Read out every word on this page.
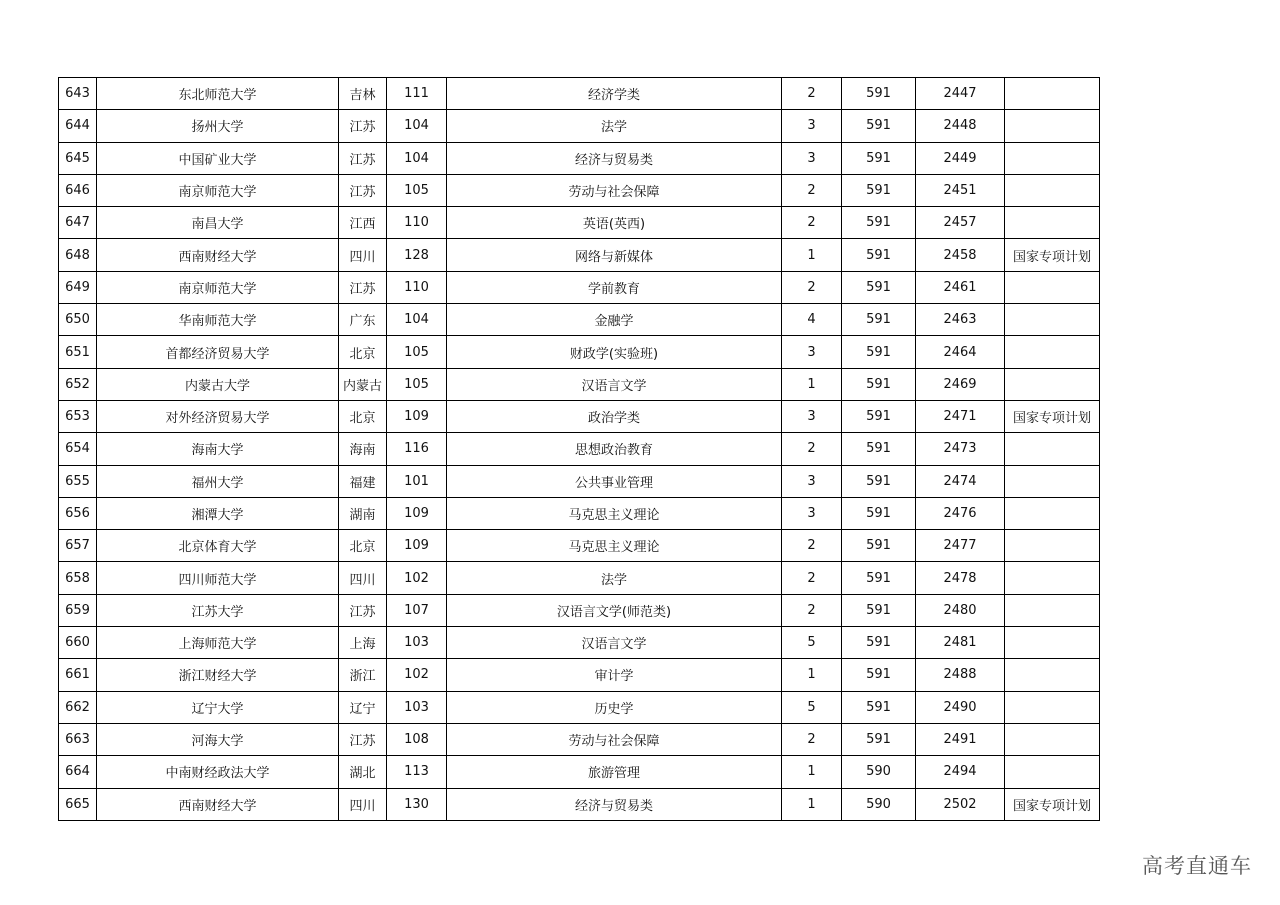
643	东北师范大学	吉林	111	经济学类	2	591	2447	
644	扬州大学	江苏	104	法学	3	591	2448	
645	中国矿业大学	江苏	104	经济与贸易类	3	591	2449	
646	南京师范大学	江苏	105	劳动与社会保障	2	591	2451	
647	南昌大学	江西	110	英语(英西)	2	591	2457	
648	西南财经大学	四川	128	网络与新媒体	1	591	2458	国家专项计划
649	南京师范大学	江苏	110	学前教育	2	591	2461	
650	华南师范大学	广东	104	金融学	4	591	2463	
651	首都经济贸易大学	北京	105	财政学(实验班)	3	591	2464	
652	内蒙古大学	内蒙古	105	汉语言文学	1	591	2469	
653	对外经济贸易大学	北京	109	政治学类	3	591	2471	国家专项计划
654	海南大学	海南	116	思想政治教育	2	591	2473	
655	福州大学	福建	101	公共事业管理	3	591	2474	
656	湘潭大学	湖南	109	马克思主义理论	3	591	2476	
657	北京体育大学	北京	109	马克思主义理论	2	591	2477	
658	四川师范大学	四川	102	法学	2	591	2478	
659	江苏大学	江苏	107	汉语言文学(师范类)	2	591	2480	
660	上海师范大学	上海	103	汉语言文学	5	591	2481	
661	浙江财经大学	浙江	102	审计学	1	591	2488	
662	辽宁大学	辽宁	103	历史学	5	591	2490	
663	河海大学	江苏	108	劳动与社会保障	2	591	2491	
664	中南财经政法大学	湖北	113	旅游管理	1	590	2494	
665	西南财经大学	四川	130	经济与贸易类	1	590	2502	国家专项计划
高考直通车
